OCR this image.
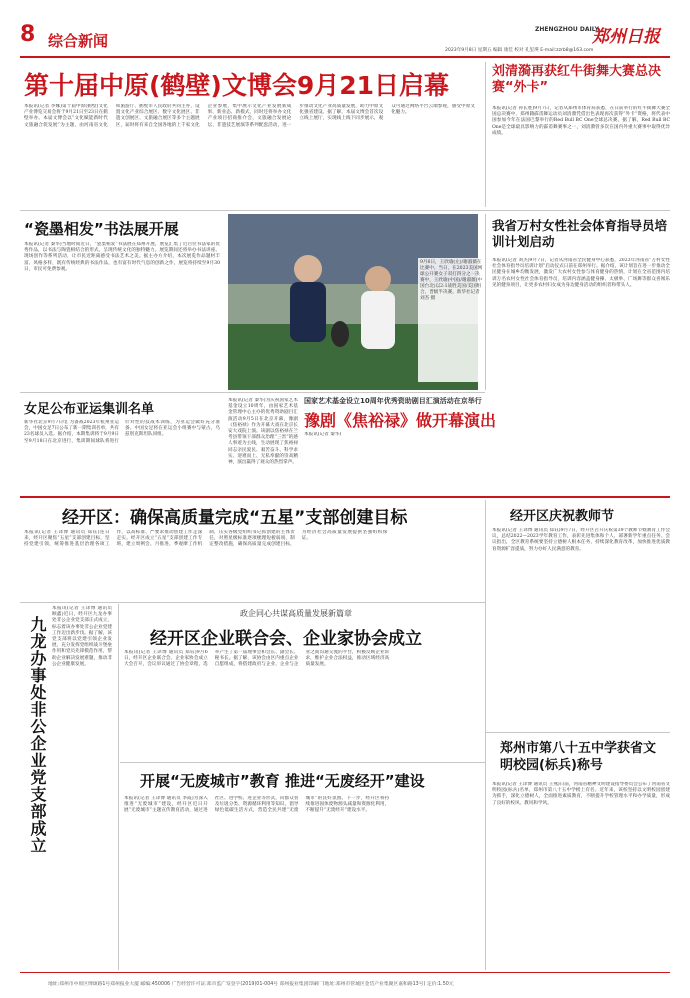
8 综合新闻
ZHENGZHOU DAILY
郑州日报
2023年9月8日 星期五 编辑 康佳 校对 孔玺瑛 E-mail:zzrb8@163.com
第十届中原(鹤壁)文博会9月21日启幕
本报讯(记者 李娜)第十届中原(鹤壁)文化产业博览交易会将于9月21日至23日在鹤壁举办。本届文博会以“文化赋能新时代 文旅融合促发展”为主题，由河南省文化和旅游厅、鹤壁市人民政府共同主办，设置文化产业综合展区、数字文化展区、非遗文创展区、文旅融合展区等多个主题展区，届时将有来自全国各地的上千家文化企业参展，集中展示文化产业发展新成果、新业态、新模式，同时还将举办文化产业项目招商推介会、文旅融合发展论坛、非遗技艺展演等系列配套活动，进一步推动文化产业高质量发展，助力中原文化强省建设。据了解，本届文博会首次设立线上展厅，实现线上线下同步展示，观众可通过网络平台云端参观，感受中原文化魅力。
刘清漪再获红牛街舞大赛总决赛“外卡”
本报讯(记者 孙长胜)9月7日，记者从郑州市体育局获悉，在日前举行的红牛街舞大赛全国总决赛中，郑州籍霹雳舞运动员刘清漪凭借出色表现再次获得“外卡”资格，将代表中国参加今年在法国巴黎举行的Red Bull BC One全球总决赛。据了解，Red Bull BC One是全球最具影响力的霹雳舞赛事之一，刘清漪曾多次在国内外重大赛事中取得优异成绩。
“瓷墨相发”书法展开展
本报讯(记者 秦华)当地时间近日，“瓷墨相发”书法展在郑州开展，展览汇集了近百位书法家的优秀作品，以书法与陶瓷相结合的形式，呈现传统文化的独特魅力。展览期间还将举办书法讲座、现场创作等系列活动，让市民近距离感受书法艺术之美。据主办方介绍，本次展览作品题材丰富、风格多样，既有传统经典的书法作品，也有富有时代气息的创新之作，展览将持续至9月30日，市民可免费参观。
9月6日，王欣瑜(左)/谢淑薇在比赛中。当日，在2023美国网球公开赛女子双打四分之一决赛中，王欣瑜(中国)/谢淑薇(中国台北)以2:1战胜美国/美国组合，晋级半决赛。新华社记者 刘杰 摄
我省万村女性社会体育指导员培训计划启动
本报讯(记者 刘杰)9月7日，记者从河南省全民健身中心获悉，2023年河南省“万村女性社会体育指导员培训计划”启动仪式日前在郑州举行。据介绍，该计划旨在进一步推动全民健身在城乡均衡发展，激发广大农村女性参与体育健身的热情，计划在全省范围内培训万名农村女性社会体育指导员，培训内容涵盖健身操、太极拳、广场舞等群众喜闻乐见的健身项目，让更多农村妇女成为身边健身活动的组织者和带头人。
女足公布亚运集训名单
新华社北京9月7日电 为备战2023年杭州亚运会，中国女足7日公布了新一期集训名单，共有23名球员入选。据介绍，本期集训将于9月9日至9月18日在北京进行，集训期间球队将进行针对性的技战术训练，为亚运会做好充分准备。中国女足将在亚运会小组赛中与蒙古、乌兹别克斯坦队同组。
本报讯(记者 秦华)为庆祝国家艺术基金设立10周年，由国家艺术基金管理中心主办的优秀资助剧目汇演活动9月5日在北京开幕，豫剧《焦裕禄》作为开幕大戏在北京长安大戏院上演。该剧以焦裕禄在兰考县带领干部群众治理“三害”的感人事迹为主线，生动展现了焦裕禄同志亲民爱民、艰苦奋斗、科学求实、迎难而上、无私奉献的崇高精神，演出赢得了观众的热烈掌声。
国家艺术基金设立10周年优秀资助剧目汇演活动在京举行
豫剧《焦裕禄》做开幕演出
本报讯(记者 秦华)
经开区：确保高质量完成“五星”支部创建目标
本报讯(记者 王译博 通讯员 郑钰)连日来，经开区聚焦“五星”支部创建目标，坚持党建引领，统筹推进基层治理各项工作，以高标准、严要求推动创建工作走深走实。经开区成立“五星”支部创建工作专班，建立周例会、月推进、季观摩工作机制，压实各级党组织书记抓创建的主体责任，对照星级标准逐项梳理短板弱项，制定整改措施，确保高质量完成创建目标，为经济社会高质量发展提供坚强组织保证。
经开区庆祝教师节
本报讯(记者 王译博 通讯员 郑钰)9月7日，经开区召开庆祝第39个教师节暨教育工作会议，总结2022—2023学年教育工作，表彰先进集体和个人，部署新学年重点任务。会议指出，全区教育系统要坚持立德树人根本任务，持续深化教育改革，加快推进优质教育资源扩容提质，努力办好人民满意的教育。
九龙办事处非公企业党支部成立
本报讯(记者 王译博 通讯员 顾鑫)近日，经开区九龙办事处非公企业党支部正式成立，标志着该办事处非公企业党建工作迈出新步伐。据了解，该党支部将以党建引领企业发展，充分发挥党组织战斗堡垒作用和党员先锋模范作用，帮助企业解决发展难题，推动非公企业健康发展。
政企同心共谋高质量发展新篇章
经开区企业联合会、企业家协会成立
本报讯(记者 王译博 通讯员 郑钰)9月6日，经开区企业联合会、企业家协会成立大会召开，会议审议通过了协会章程，选举产生了第一届理事会和会长、副会长、秘书长。据了解，该协会由区内重点企业自愿组成，将搭建政府与企业、企业与企业之间沟通交流的平台，积极反映企业诉求，维护企业合法权益，推动区域经济高质量发展。
开展“无废城市”教育 推进“无废经开”建设
本报讯(记者 王译博 通讯员 李霞)为深入推进“无废城市”建设，经开区近日开展“无废城市”主题宣传教育活动，通过进社区、进学校、进企业等形式，向群众普及垃圾分类、资源循环利用等知识，倡导绿色低碳生活方式，营造全民共建“无废城市”的良好氛围。下一步，经开区将持续推进固体废物源头减量和资源化利用，不断提升“无废经开”建设水平。
郑州市第八十五中学获省文明校园(标兵)称号
本报讯(记者 王译博 通讯员 王燕)日前，河南省精神文明建设指导委员会公布了河南省文明校园(标兵)名单，郑州市第八十五中学榜上有名。近年来，该校坚持以文明校园创建为抓手，深化立德树人，全面推进素质教育，不断提升学校管理水平和办学质量，形成了良好的校风、教风和学风。
地址:郑州市中原区博颂路1号郑州报业大厦 邮编:450006 广告经营许可证:郑市监广发登字(2019)01-004号 郑州报业集团印刷厂(地址:郑州市管城区金岱产业集聚区嘉和路13号) 定价:1.50元
